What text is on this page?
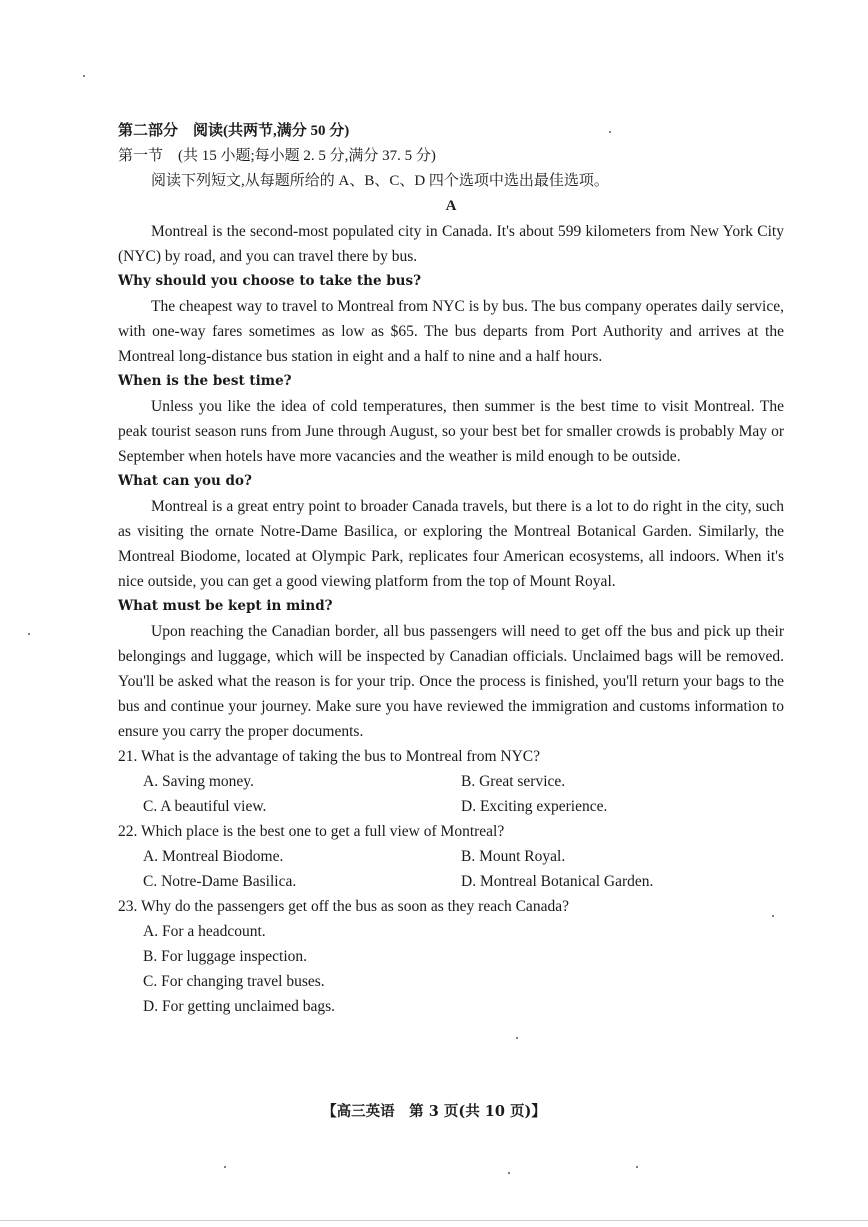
第二部分　阅读(共两节,满分 50 分)
第一节　(共 15 小题;每小题 2. 5 分,满分 37. 5 分)
阅读下列短文,从每题所给的 A、B、C、D 四个选项中选出最佳选项。
A

Montreal is the second-most populated city in Canada. It's about 599 kilometers from New York City (NYC) by road, and you can travel there by bus.

Why should you choose to take the bus?

The cheapest way to travel to Montreal from NYC is by bus. The bus company operates daily service, with one-way fares sometimes as low as $65. The bus departs from Port Authority and arrives at the Montreal long-distance bus station in eight and a half to nine and a half hours.

When is the best time?

Unless you like the idea of cold temperatures, then summer is the best time to visit Montreal. The peak tourist season runs from June through August, so your best bet for smaller crowds is probably May or September when hotels have more vacancies and the weather is mild enough to be outside.

What can you do?

Montreal is a great entry point to broader Canada travels, but there is a lot to do right in the city, such as visiting the ornate Notre-Dame Basilica, or exploring the Montreal Botanical Garden. Similarly, the Montreal Biodome, located at Olympic Park, replicates four American ecosystems, all indoors. When it's nice outside, you can get a good viewing platform from the top of Mount Royal.

What must be kept in mind?

Upon reaching the Canadian border, all bus passengers will need to get off the bus and pick up their belongings and luggage, which will be inspected by Canadian officials. Unclaimed bags will be removed. You'll be asked what the reason is for your trip. Once the process is finished, you'll return your bags to the bus and continue your journey. Make sure you have reviewed the immigration and customs information to ensure you carry the proper documents.

21. What is the advantage of taking the bus to Montreal from NYC?
A. Saving money.	B. Great service.
C. A beautiful view.	D. Exciting experience.
22. Which place is the best one to get a full view of Montreal?
A. Montreal Biodome.	B. Mount Royal.
C. Notre-Dame Basilica.	D. Montreal Botanical Garden.
23. Why do the passengers get off the bus as soon as they reach Canada?
A. For a headcount.
B. For luggage inspection.
C. For changing travel buses.
D. For getting unclaimed bags.
【高三英语　第 3 页(共 10 页)】
